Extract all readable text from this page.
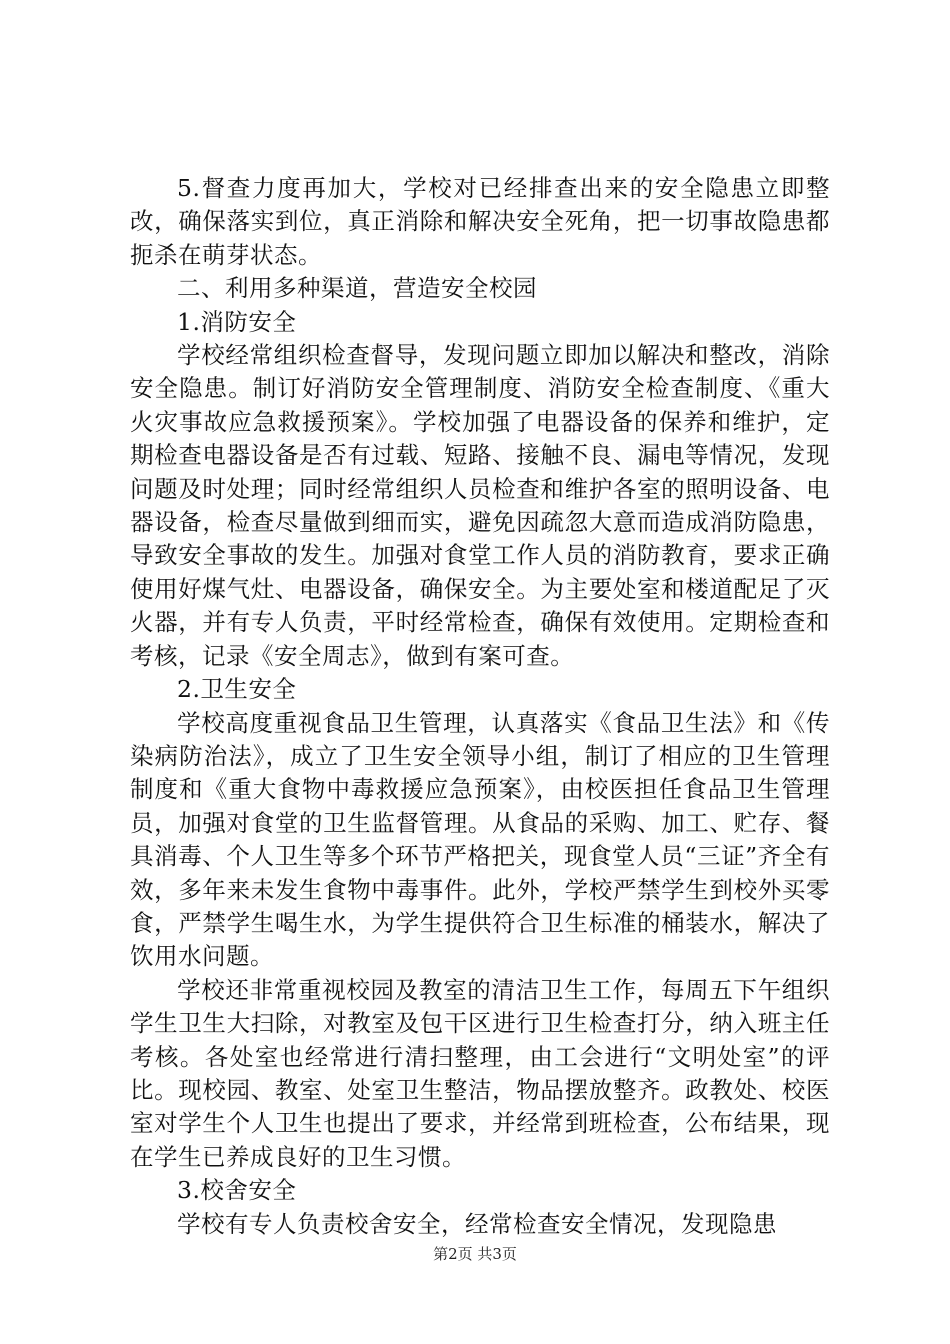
5.督查力度再加大，学校对已经排查出来的安全隐患立即整改，确保落实到位，真正消除和解决安全死角，把一切事故隐患都扼杀在萌芽状态。

二、利用多种渠道，营造安全校园

1.消防安全

学校经常组织检查督导，发现问题立即加以解决和整改，消除安全隐患。制订好消防安全管理制度、消防安全检查制度、《重大火灾事故应急救援预案》。学校加强了电器设备的保养和维护，定期检查电器设备是否有过载、短路、接触不良、漏电等情况，发现问题及时处理；同时经常组织人员检查和维护各室的照明设备、电器设备，检查尽量做到细而实，避免因疏忽大意而造成消防隐患，导致安全事故的发生。加强对食堂工作人员的消防教育，要求正确使用好煤气灶、电器设备，确保安全。为主要处室和楼道配足了灭火器，并有专人负责，平时经常检查，确保有效使用。定期检查和考核，记录《安全周志》，做到有案可查。

2.卫生安全

学校高度重视食品卫生管理，认真落实《食品卫生法》和《传染病防治法》，成立了卫生安全领导小组，制订了相应的卫生管理制度和《重大食物中毒救援应急预案》，由校医担任食品卫生管理员，加强对食堂的卫生监督管理。从食品的采购、加工、贮存、餐具消毒、个人卫生等多个环节严格把关，现食堂人员“三证”齐全有效，多年来未发生食物中毒事件。此外，学校严禁学生到校外买零食，严禁学生喝生水，为学生提供符合卫生标准的桶装水，解决了饮用水问题。

学校还非常重视校园及教室的清洁卫生工作，每周五下午组织学生卫生大扫除，对教室及包干区进行卫生检查打分，纳入班主任考核。各处室也经常进行清扫整理，由工会进行“文明处室”的评比。现校园、教室、处室卫生整洁，物品摆放整齐。政教处、校医室对学生个人卫生也提出了要求，并经常到班检查，公布结果，现在学生已养成良好的卫生习惯。

3.校舍安全

学校有专人负责校舍安全，经常检查安全情况，发现隐患

第2页 共3页
